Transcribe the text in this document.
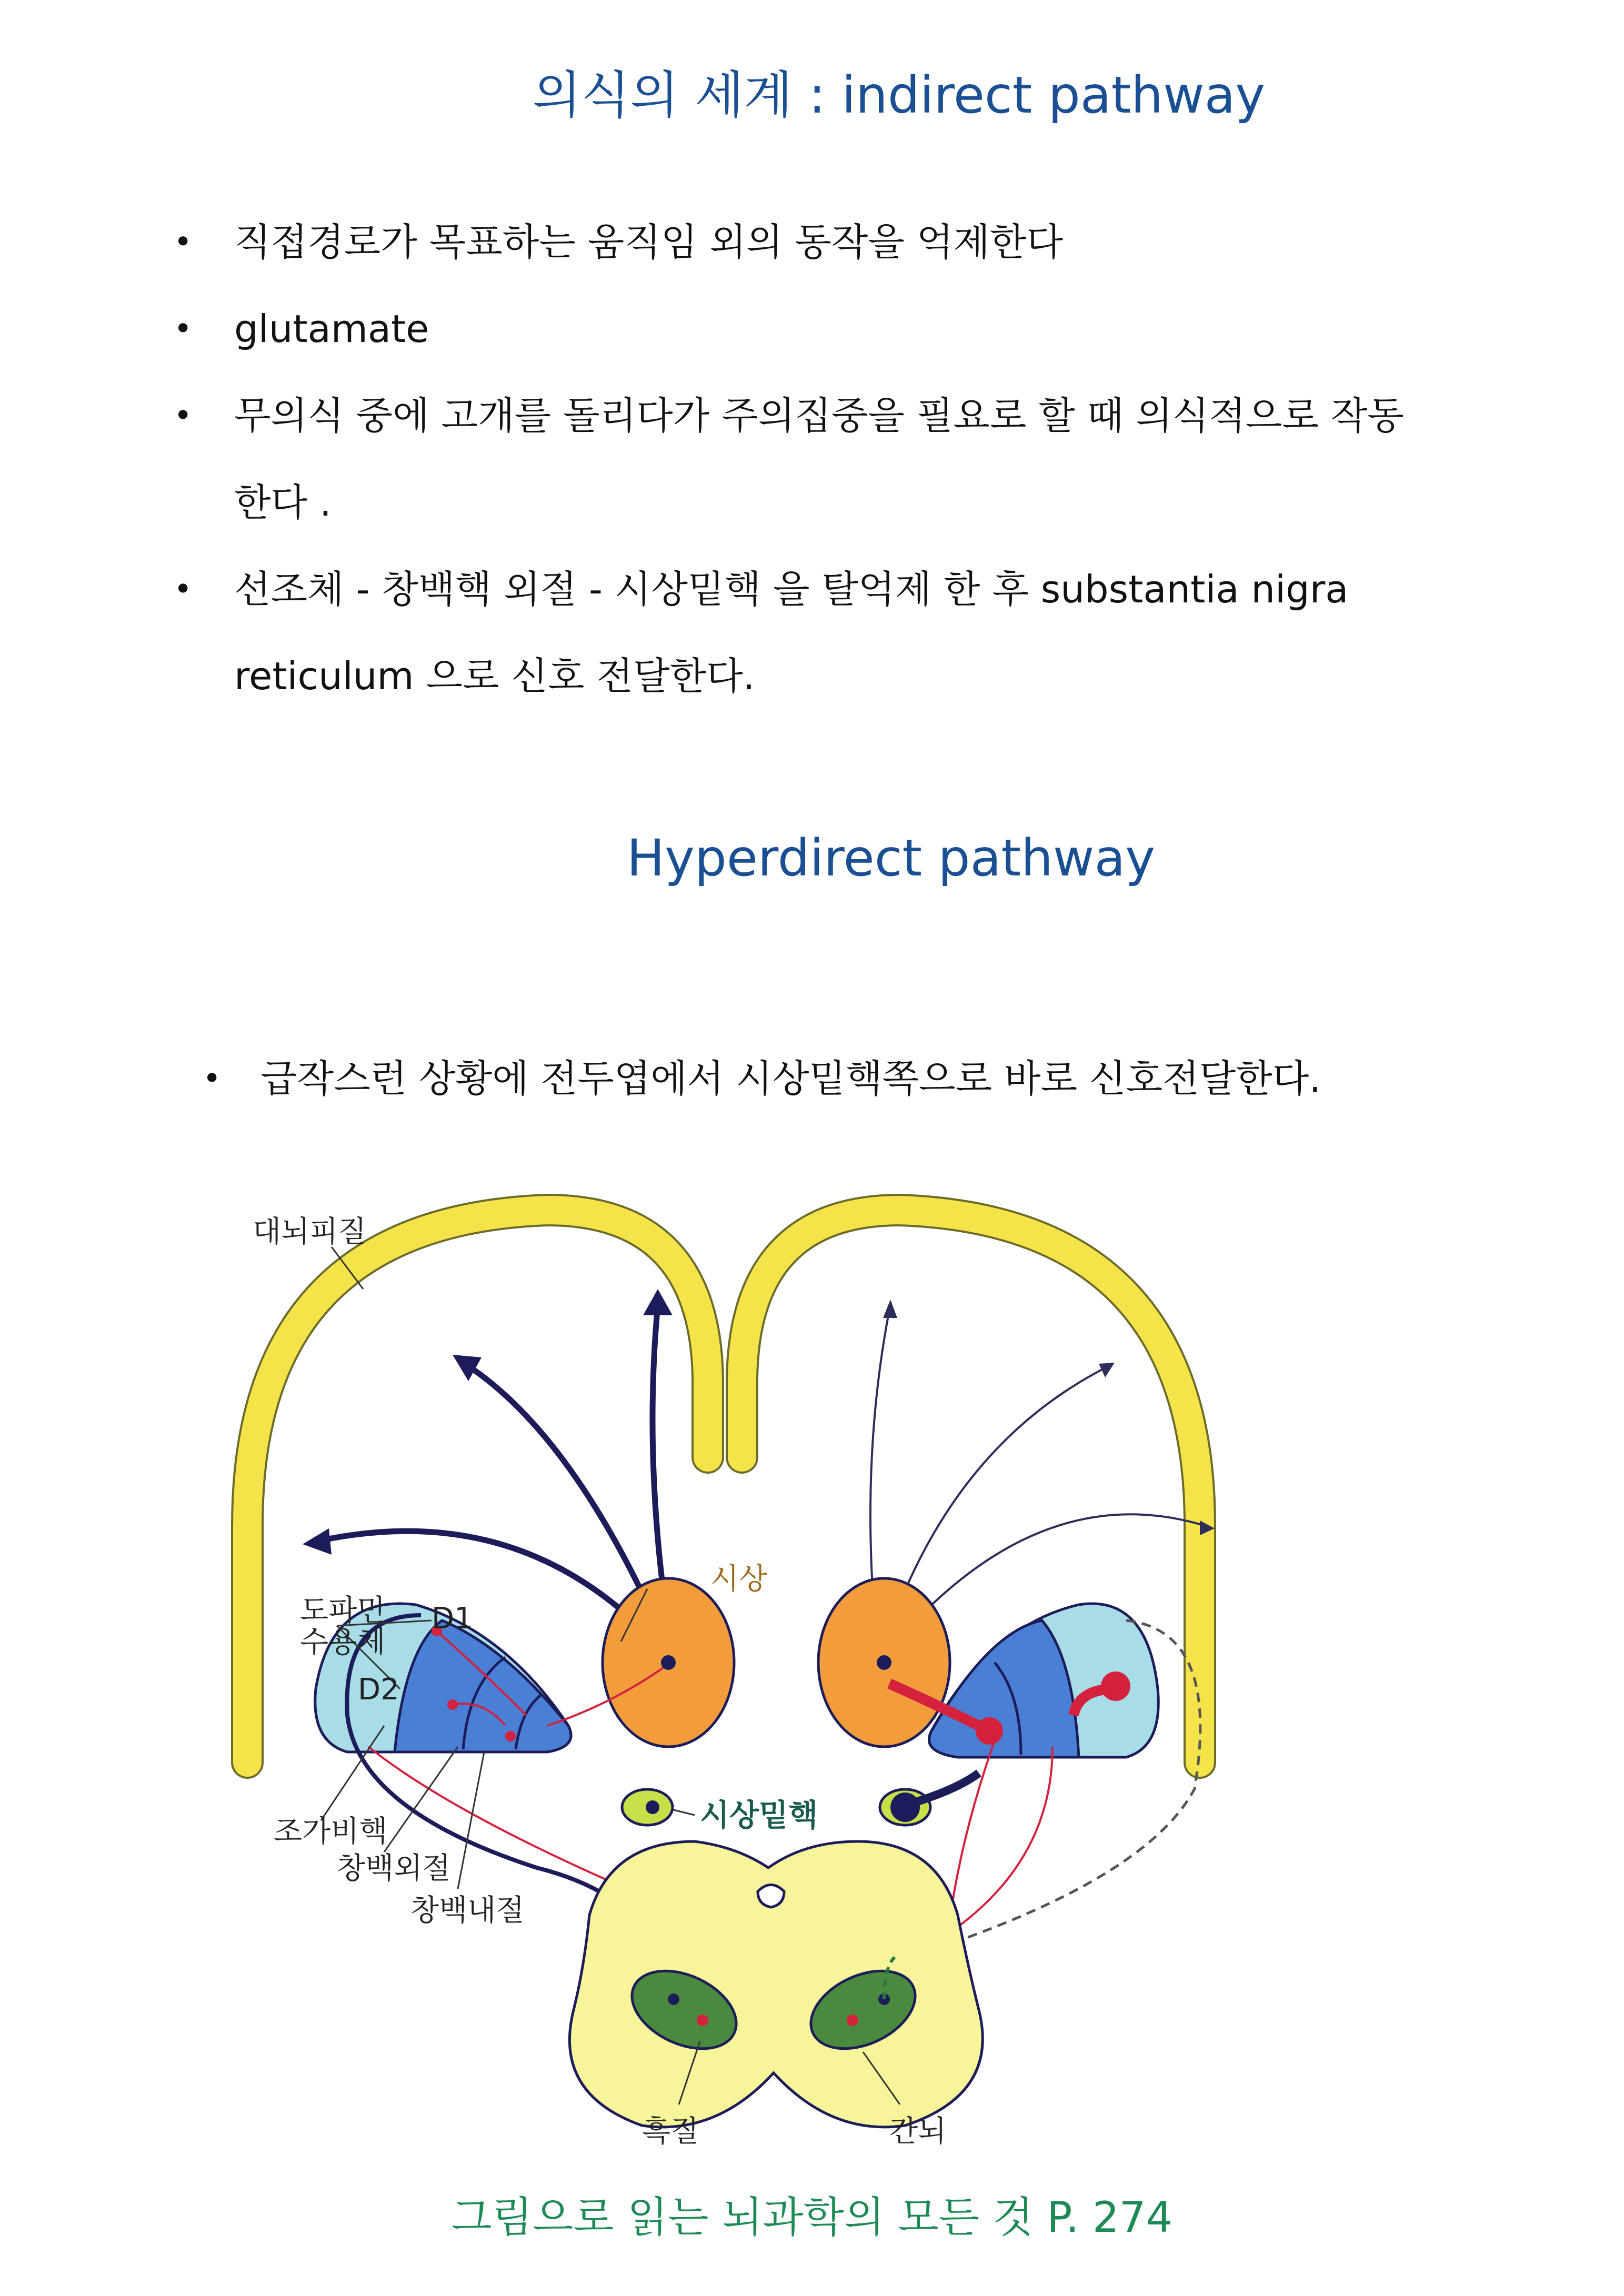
의식의 세계 : indirect pathway
• 직접경로가 목표하는 움직임 외의 동작을 억제한다
• glutamate
• 무의식 중에 고개를 돌리다가 주의집중을 필요로 할 때 의식적으로 작동
한다 .
• 선조체 - 창백핵 외절 - 시상밑핵 을 탈억제 한 후 substantia nigra
reticulum 으로 신호 전달한다.
Hyperdirect pathway
• 급작스런 상황에 전두엽에서 시상밑핵쪽으로 바로 신호전달한다.
대뇌피질
시상
도파민
수용체
D1
D2
시상밑핵
조가비핵
창백외절
창백내절
흑질	간뇌
그림으로 읽는 뇌과학의 모든 것 P. 274
